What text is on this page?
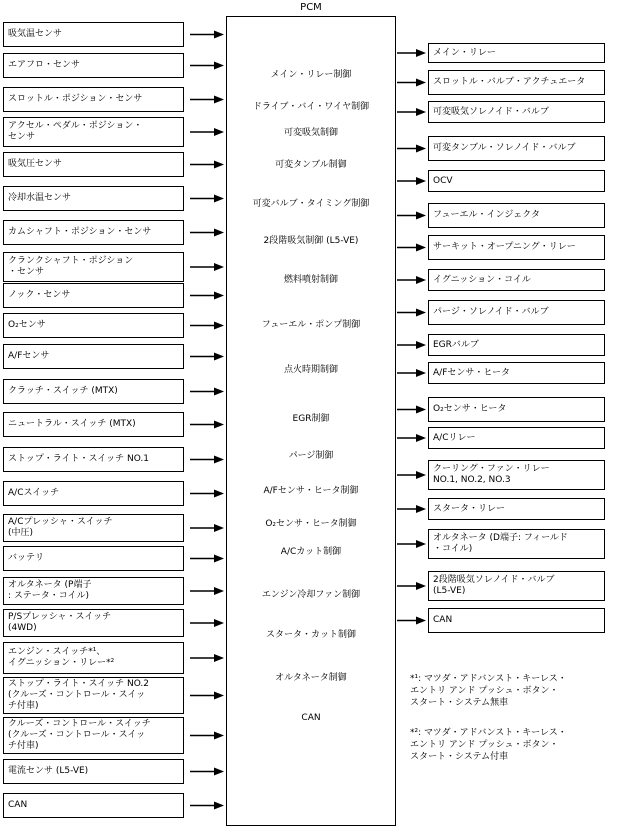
PCM
吸気温センサ
エアフロ・センサ
スロットル・ポジション・センサ
アクセル・ペダル・ポジション・
センサ
吸気圧センサ
冷却水温センサ
カムシャフト・ポジション・センサ
クランクシャフト・ポジション
・センサ
ノック・センサ
O₂センサ
A/Fセンサ
クラッチ・スイッチ (MTX)
ニュートラル・スイッチ (MTX)
ストップ・ライト・スイッチ NO.1
A/Cスイッチ
A/Cプレッシャ・スイッチ
(中圧)
バッテリ
オルタネータ (P端子
: ステータ・コイル)
P/Sプレッシャ・スイッチ
(4WD)
エンジン・スイッチ*¹、
イグニッション・リレー*²
ストップ・ライト・スイッチ NO.2
(クルーズ・コントロール・スイッ
チ付車)
クルーズ・コントロール・スイッチ
(クルーズ・コントロール・スイッ
チ付車)
電流センサ (L5-VE)
CAN
メイン・リレー制御
ドライブ・バイ・ワイヤ制御
可変吸気制御
可変タンブル制御
可変バルブ・タイミング制御
2段階吸気制御 (L5-VE)
燃料噴射制御
フューエル・ポンプ制御
点火時期制御
EGR制御
パージ制御
A/Fセンサ・ヒータ制御
O₂センサ・ヒータ制御
A/Cカット制御
エンジン冷却ファン制御
スタータ・カット制御
オルタネータ制御
CAN
メイン・リレー
スロットル・バルブ・アクチュエータ
可変吸気ソレノイド・バルブ
可変タンブル・ソレノイド・バルブ
OCV
フューエル・インジェクタ
サーキット・オープニング・リレー
イグニッション・コイル
パージ・ソレノイド・バルブ
EGRバルブ
A/Fセンサ・ヒータ
O₂センサ・ヒータ
A/Cリレー
クーリング・ファン・リレー
NO.1, NO.2, NO.3
スタータ・リレー
オルタネータ (D端子: フィールド
・コイル)
2段階吸気ソレノイド・バルブ
(L5-VE)
CAN
*¹: マツダ・アドバンスト・キーレス・
エントリ アンド プッシュ・ボタン・
スタート・システム無車
*²: マツダ・アドバンスト・キーレス・
エントリ アンド プッシュ・ボタン・
スタート・システム付車
